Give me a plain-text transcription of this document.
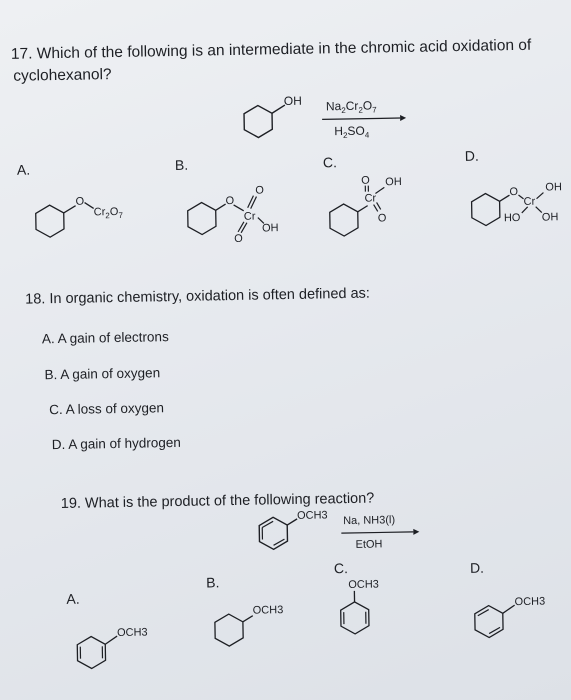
17. Which of the following is an intermediate in the chromic acid oxidation of
cyclohexanol?
OH $Na_2Cr_2O_7$
$H_2SO_4$
A.	B.	C.	D.
O
$Cr_2O_7$
O
O
Cr
OH
O
O OH
Cr
O
O
Cr
OH
HO OH
18. In organic chemistry, oxidation is often defined as:
A. A gain of electrons
B. A gain of oxygen
C. A loss of oxygen
D. A gain of hydrogen
19. What is the product of the following reaction?
OCH3 Na, NH3(l)
EtOH
A.
B.
C.	D.
OCH3
OCH3
OCH3
OCH3
